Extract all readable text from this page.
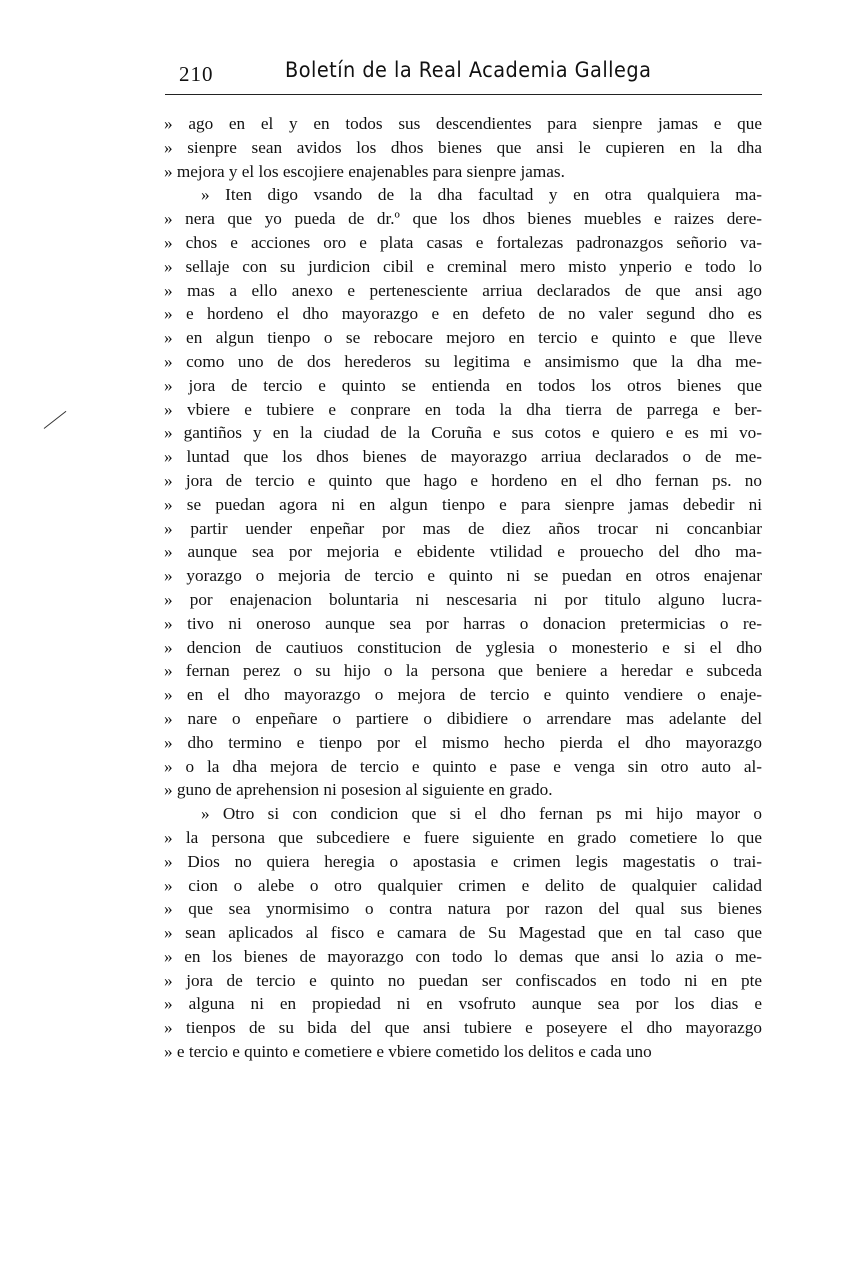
210	Boletín de la Real Academia Gallega
» ago en el y en todos sus descendientes para sienpre jamas e que
» sienpre sean avidos los dhos bienes que ansi le cupieren en la dha
» mejora y el los escojiere enajenables para sienpre jamas.
» Iten digo vsando de la dha facultad y en otra qualquiera ma-
» nera que yo pueda de dr.º que los dhos bienes muebles e raizes dere-
» chos e acciones oro e plata casas e fortalezas padronazgos señorio va-
» sellaje con su jurdicion cibil e creminal mero misto ynperio e todo lo
» mas a ello anexo e pertenesciente arriua declarados de que ansi ago
» e hordeno el dho mayorazgo e en defeto de no valer segund dho es
» en algun tienpo o se rebocare mejoro en tercio e quinto e que lleve
» como uno de dos herederos su legitima e ansimismo que la dha me-
» jora de tercio e quinto se entienda en todos los otros bienes que
» vbiere e tubiere e conprare en toda la dha tierra de parrega e ber-
» gantiños y en la ciudad de la Coruña e sus cotos e quiero e es mi vo-
» luntad que los dhos bienes de mayorazgo arriua declarados o de me-
» jora de tercio e quinto que hago e hordeno en el dho fernan ps. no
» se puedan agora ni en algun tienpo e para sienpre jamas debedir ni
» partir uender enpeñar por mas de diez años trocar ni concanbiar
» aunque sea por mejoria e ebidente vtilidad e prouecho del dho ma-
» yorazgo o mejoria de tercio e quinto ni se puedan en otros enajenar
» por enajenacion boluntaria ni nescesaria ni por titulo alguno lucra-
» tivo ni oneroso aunque sea por harras o donacion pretermicias o re-
» dencion de cautiuos constitucion de yglesia o monesterio e si el dho
» fernan perez o su hijo o la persona que beniere a heredar e subceda
» en el dho mayorazgo o mejora de tercio e quinto vendiere o enaje-
» nare o enpeñare o partiere o dibidiere o arrendare mas adelante del
» dho termino e tienpo por el mismo hecho pierda el dho mayorazgo
» o la dha mejora de tercio e quinto e pase e venga sin otro auto al-
» guno de aprehension ni posesion al siguiente en grado.
» Otro si con condicion que si el dho fernan ps mi hijo mayor o
» la persona que subcediere e fuere siguiente en grado cometiere lo que
» Dios no quiera heregia o apostasia e crimen legis magestatis o trai-
» cion o alebe o otro qualquier crimen e delito de qualquier calidad
» que sea ynormisimo o contra natura por razon del qual sus bienes
» sean aplicados al fisco e camara de Su Magestad que en tal caso que
» en los bienes de mayorazgo con todo lo demas que ansi lo azia o me-
» jora de tercio e quinto no puedan ser confiscados en todo ni en pte
» alguna ni en propiedad ni en vsofruto aunque sea por los dias e
» tienpos de su bida del que ansi tubiere e poseyere el dho mayorazgo
» e tercio e quinto e cometiere e vbiere cometido los delitos e cada uno
